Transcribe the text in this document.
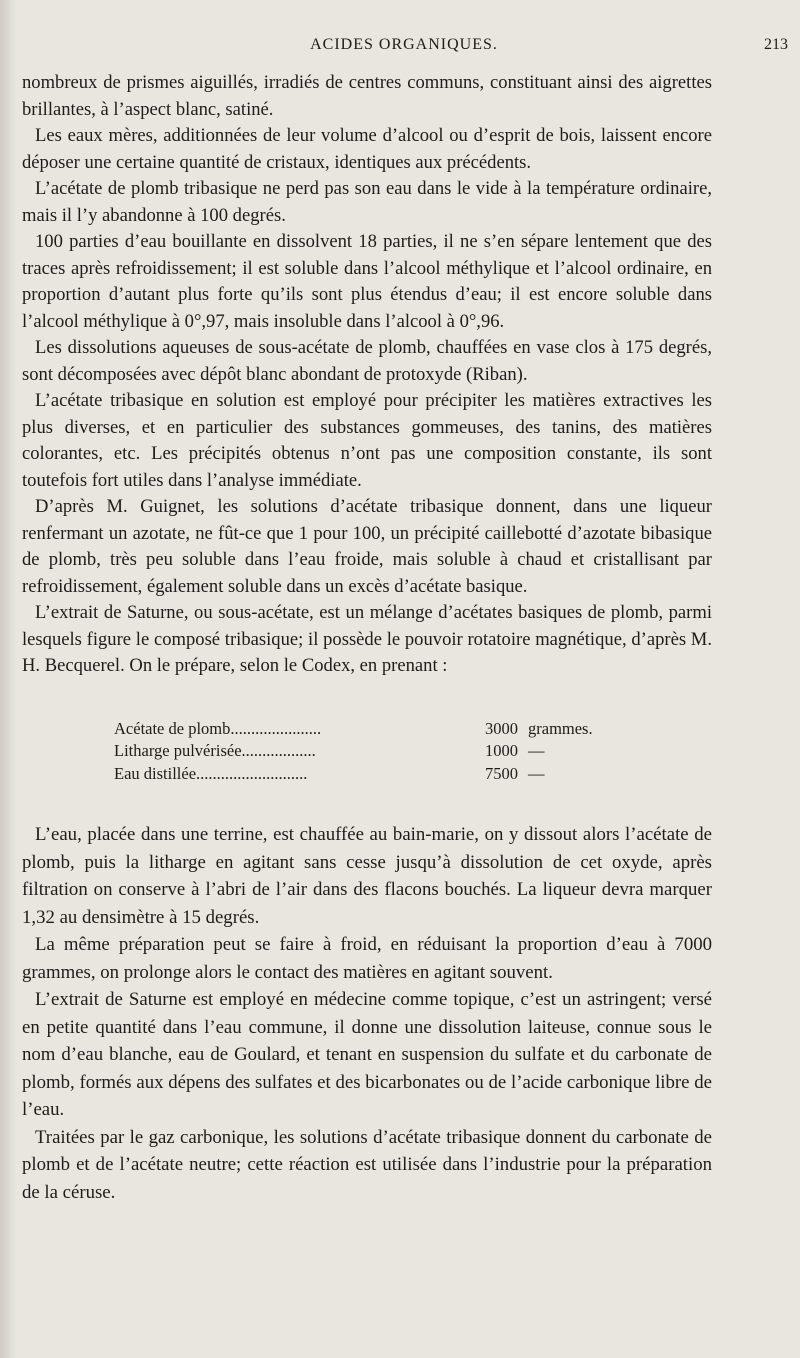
ACIDES ORGANIQUES.	213

nombreux de prismes aiguillés, irradiés de centres communs, constituant ainsi des aigrettes brillantes, à l’aspect blanc, satiné.

Les eaux mères, additionnées de leur volume d’alcool ou d’esprit de bois, laissent encore déposer une certaine quantité de cristaux, identiques aux précédents.

L’acétate de plomb tribasique ne perd pas son eau dans le vide à la température ordinaire, mais il l’y abandonne à 100 degrés.

100 parties d’eau bouillante en dissolvent 18 parties, il ne s’en sépare lentement que des traces après refroidissement; il est soluble dans l’alcool méthylique et l’alcool ordinaire, en proportion d’autant plus forte qu’ils sont plus étendus d’eau; il est encore soluble dans l’alcool méthylique à 0°,97, mais insoluble dans l’alcool à 0°,96.

Les dissolutions aqueuses de sous-acétate de plomb, chauffées en vase clos à 175 degrés, sont décomposées avec dépôt blanc abondant de protoxyde (Riban).

L’acétate tribasique en solution est employé pour précipiter les matières extractives les plus diverses, et en particulier des substances gommeuses, des tanins, des matières colorantes, etc. Les précipités obtenus n’ont pas une composition constante, ils sont toutefois fort utiles dans l’analyse immédiate.

D’après M. Guignet, les solutions d’acétate tribasique donnent, dans une liqueur renfermant un azotate, ne fût-ce que 1 pour 100, un précipité caillebotté d’azotate bibasique de plomb, très peu soluble dans l’eau froide, mais soluble à chaud et cristallisant par refroidissement, également soluble dans un excès d’acétate basique.

L’extrait de Saturne, ou sous-acétate, est un mélange d’acétates basiques de plomb, parmi lesquels figure le composé tribasique; il possède le pouvoir rotatoire magnétique, d’après M. H. Becquerel. On le prépare, selon le Codex, en prenant :

Acétate de plomb......................	3000 grammes.
Litharge pulvérisée..................	1000 —
Eau distillée...........................	7500 —

L’eau, placée dans une terrine, est chauffée au bain-marie, on y dissout alors l’acétate de plomb, puis la litharge en agitant sans cesse jusqu’à dissolution de cet oxyde, après filtration on conserve à l’abri de l’air dans des flacons bouchés. La liqueur devra marquer 1,32 au densimètre à 15 degrés.

La même préparation peut se faire à froid, en réduisant la proportion d’eau à 7000 grammes, on prolonge alors le contact des matières en agitant souvent.

L’extrait de Saturne est employé en médecine comme topique, c’est un astringent; versé en petite quantité dans l’eau commune, il donne une dissolution laiteuse, connue sous le nom d’eau blanche, eau de Goulard, et tenant en suspension du sulfate et du carbonate de plomb, formés aux dépens des sulfates et des bicarbonates ou de l’acide carbonique libre de l’eau.

Traitées par le gaz carbonique, les solutions d’acétate tribasique donnent du carbonate de plomb et de l’acétate neutre; cette réaction est utilisée dans l’industrie pour la préparation de la céruse.
